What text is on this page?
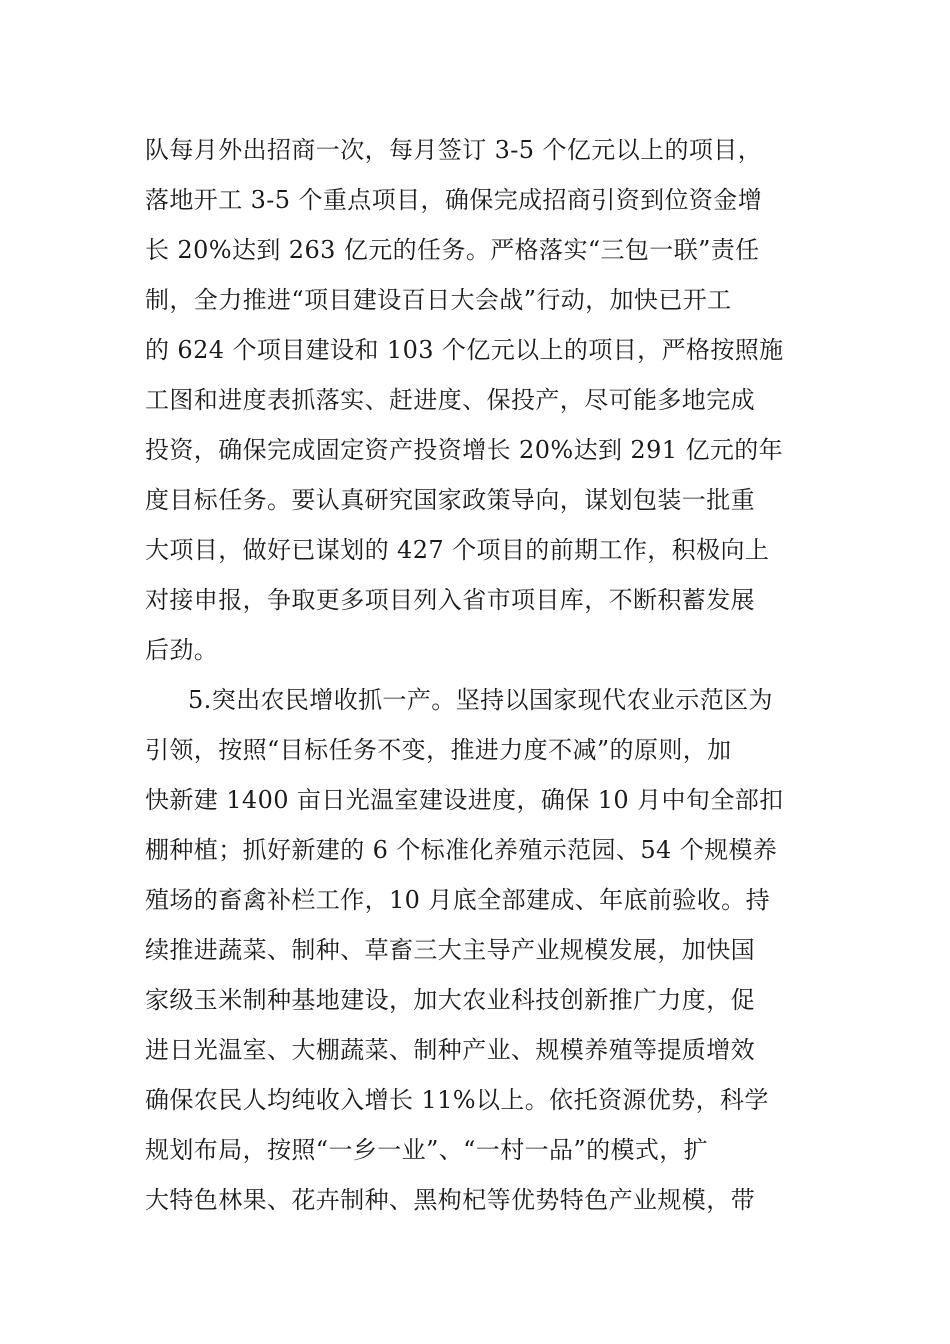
队每月外出招商一次，每月签订 3-5 个亿元以上的项目，
落地开工 3-5 个重点项目，确保完成招商引资到位资金增
长 20%达到 263 亿元的任务。严格落实“三包一联”责任
制，全力推进“项目建设百日大会战”行动，加快已开工
的 624 个项目建设和 103 个亿元以上的项目，严格按照施
工图和进度表抓落实、赶进度、保投产，尽可能多地完成
投资，确保完成固定资产投资增长 20%达到 291 亿元的年
度目标任务。要认真研究国家政策导向，谋划包装一批重
大项目，做好已谋划的 427 个项目的前期工作，积极向上
对接申报，争取更多项目列入省市项目库，不断积蓄发展
后劲。
5.突出农民增收抓一产。坚持以国家现代农业示范区为
引领，按照“目标任务不变，推进力度不减”的原则，加
快新建 1400 亩日光温室建设进度，确保 10 月中旬全部扣
棚种植；抓好新建的 6 个标准化养殖示范园、54 个规模养
殖场的畜禽补栏工作，10 月底全部建成、年底前验收。持
续推进蔬菜、制种、草畜三大主导产业规模发展，加快国
家级玉米制种基地建设，加大农业科技创新推广力度，促
进日光温室、大棚蔬菜、制种产业、规模养殖等提质增效
确保农民人均纯收入增长 11%以上。依托资源优势，科学
规划布局，按照“一乡一业”、“一村一品”的模式，扩
大特色林果、花卉制种、黑枸杞等优势特色产业规模，带
